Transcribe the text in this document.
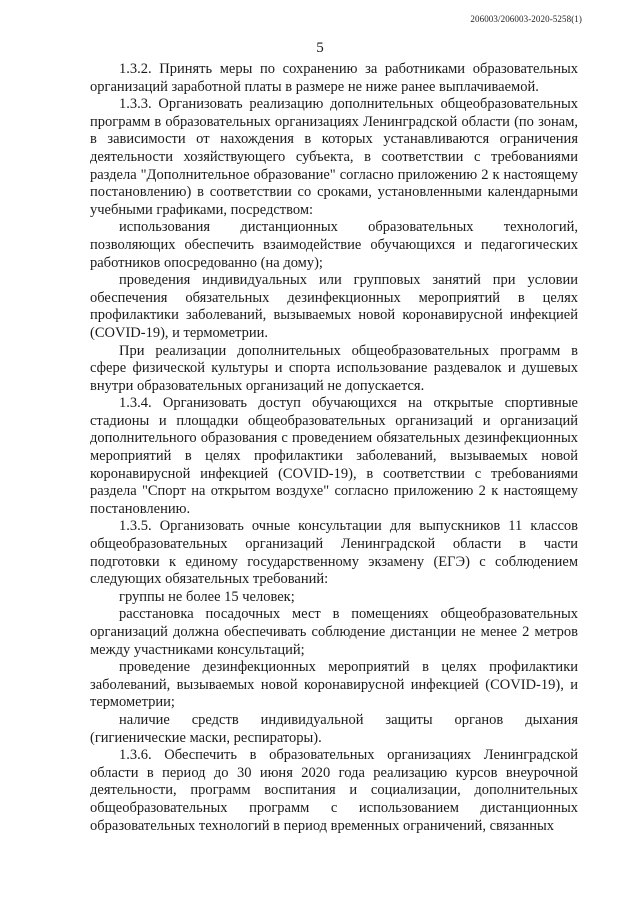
206003/206003-2020-5258(1)
5

1.3.2. Принять меры по сохранению за работниками образовательных организаций заработной платы в размере не ниже ранее выплачиваемой.

1.3.3. Организовать реализацию дополнительных общеобразовательных программ в образовательных организациях Ленинградской области (по зонам, в зависимости от нахождения в которых устанавливаются ограничения деятельности хозяйствующего субъекта, в соответствии с требованиями раздела "Дополнительное образование" согласно приложению 2 к настоящему постановлению) в соответствии со сроками, установленными календарными учебными графиками, посредством:

использования дистанционных образовательных технологий, позволяющих обеспечить взаимодействие обучающихся и педагогических работников опосредованно (на дому);

проведения индивидуальных или групповых занятий при условии обеспечения обязательных дезинфекционных мероприятий в целях профилактики заболеваний, вызываемых новой коронавирусной инфекцией (COVID-19), и термометрии.

При реализации дополнительных общеобразовательных программ в сфере физической культуры и спорта использование раздевалок и душевых внутри образовательных организаций не допускается.

1.3.4. Организовать доступ обучающихся на открытые спортивные стадионы и площадки общеобразовательных организаций и организаций дополнительного образования с проведением обязательных дезинфекционных мероприятий в целях профилактики заболеваний, вызываемых новой коронавирусной инфекцией (COVID-19), в соответствии с требованиями раздела "Спорт на открытом воздухе" согласно приложению 2 к настоящему постановлению.

1.3.5. Организовать очные консультации для выпускников 11 классов общеобразовательных организаций Ленинградской области в части подготовки к единому государственному экзамену (ЕГЭ) с соблюдением следующих обязательных требований:

группы не более 15 человек;

расстановка посадочных мест в помещениях общеобразовательных организаций должна обеспечивать соблюдение дистанции не менее 2 метров между участниками консультаций;

проведение дезинфекционных мероприятий в целях профилактики заболеваний, вызываемых новой коронавирусной инфекцией (COVID-19), и термометрии;

наличие средств индивидуальной защиты органов дыхания (гигиенические маски, респираторы).

1.3.6. Обеспечить в образовательных организациях Ленинградской области в период до 30 июня 2020 года реализацию курсов внеурочной деятельности, программ воспитания и социализации, дополнительных общеобразовательных программ с использованием дистанционных образовательных технологий в период временных ограничений, связанных
